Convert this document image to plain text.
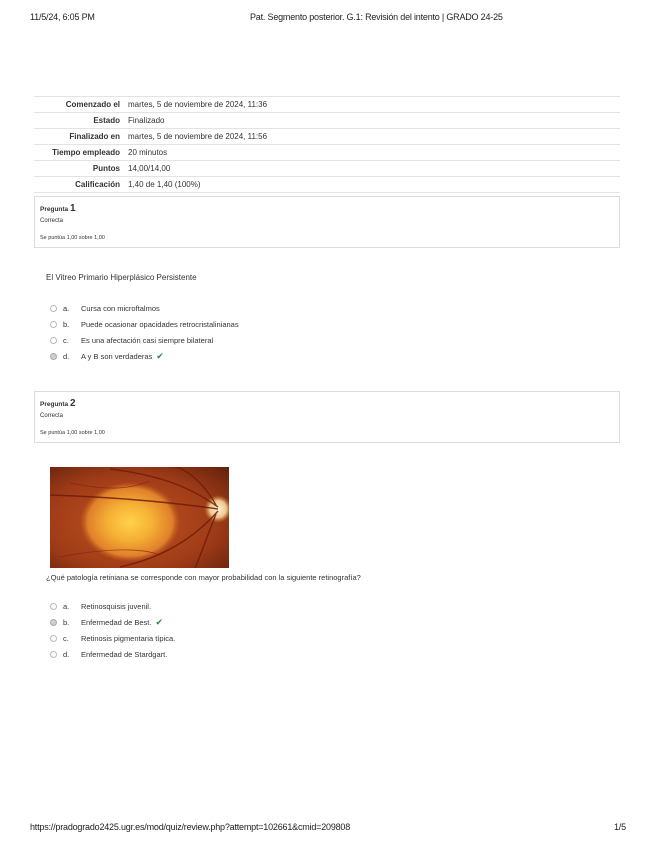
11/5/24, 6:05 PM	Pat. Segmento posterior. G.1: Revisión del intento | GRADO 24-25
Comenzado el	martes, 5 de noviembre de 2024, 11:36
Estado	Finalizado
Finalizado en	martes, 5 de noviembre de 2024, 11:56
Tiempo empleado	20 minutos
Puntos	14,00/14,00
Calificación	1,40 de 1,40 (100%)
Pregunta 1
Correcta
Se puntúa 1,00 sobre 1,00
El Vitreo Primario Hiperplásico Persistente
a.	Cursa con microftalmos
b.	Puede ocasionar opacidades retrocristalinianas
c.	Es una afectación casi siempre bilateral
d.	A y B son verdaderas ✔
Pregunta 2
Correcta
Se puntúa 1,00 sobre 1,00
¿Qué patología retiniana se corresponde con mayor probabilidad con la siguiente retinografía?
a.	Retinosquisis juvenil.
b.	Enfermedad de Best. ✔
c.	Retinosis pigmentaria típica.
d.	Enfermedad de Stardgart.
https://pradogrado2425.ugr.es/mod/quiz/review.php?attempt=102661&cmid=209808	1/5
